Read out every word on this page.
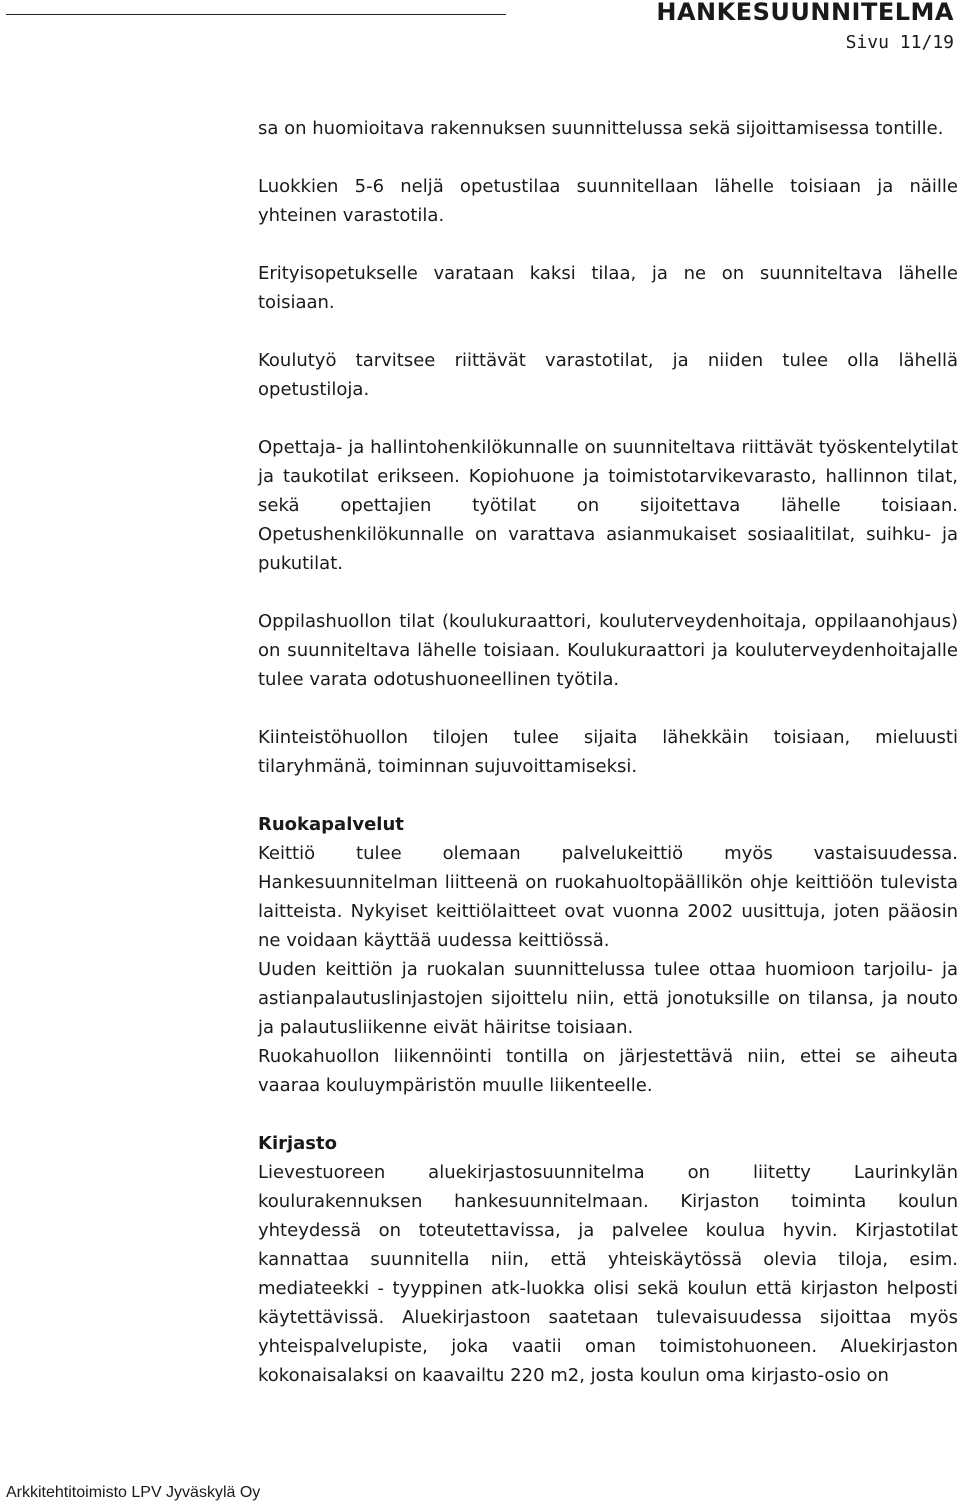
HANKESUUNNITELMA
Sivu 11/19

sa on huomioitava rakennuksen suunnittelussa sekä sijoittamisessa tontille.

Luokkien 5-6 neljä opetustilaa suunnitellaan lähelle toisiaan ja näille yhteinen varastotila.

Erityisopetukselle varataan kaksi tilaa, ja ne on suunniteltava lähelle toisiaan.

Koulutyö tarvitsee riittävät varastotilat, ja niiden tulee olla lähellä opetustiloja.

Opettaja- ja hallintohenkilökunnalle on suunniteltava riittävät työskentelytilat ja taukotilat erikseen. Kopiohuone ja toimistotarvikevarasto, hallinnon tilat, sekä opettajien työtilat on sijoitettava lähelle toisiaan. Opetushenkilökunnalle on varattava asianmukaiset sosiaalitilat, suihku- ja pukutilat.

Oppilashuollon tilat (koulukuraattori, kouluterveydenhoitaja, oppilaanohjaus) on suunniteltava lähelle toisiaan. Koulukuraattori ja kouluterveydenhoitajalle tulee varata odotushuoneellinen työtila.

Kiinteistöhuollon tilojen tulee sijaita lähekkäin toisiaan, mieluusti tilaryhmänä, toiminnan sujuvoittamiseksi.

Ruokapalvelut

Keittiö tulee olemaan palvelukeittiö myös vastaisuudessa. Hankesuunnitelman liitteenä on ruokahuoltopäällikön ohje keittiöön tulevista laitteista. Nykyiset keittiölaitteet ovat vuonna 2002 uusittuja, joten pääosin ne voidaan käyttää uudessa keittiössä.

Uuden keittiön ja ruokalan suunnittelussa tulee ottaa huomioon tarjoilu- ja astianpalautuslinjastojen sijoittelu niin, että jonotuksille on tilansa, ja nouto ja palautusliikenne eivät häiritse toisiaan.

Ruokahuollon liikennöinti tontilla on järjestettävä niin, ettei se aiheuta vaaraa kouluympäristön muulle liikenteelle.

Kirjasto

Lievestuoreen aluekirjastosuunnitelma on liitetty Laurinkylän koulurakennuksen hankesuunnitelmaan. Kirjaston toiminta koulun yhteydessä on toteutettavissa, ja palvelee koulua hyvin. Kirjastotilat kannattaa suunnitella niin, että yhteiskäytössä olevia tiloja, esim. mediateekki - tyyppinen atk-luokka olisi sekä koulun että kirjaston helposti käytettävissä. Aluekirjastoon saatetaan tulevaisuudessa sijoittaa myös yhteispalvelupiste, joka vaatii oman toimistohuoneen. Aluekirjaston kokonaisalaksi on kaavailtu 220 m2, josta koulun oma kirjasto-osio on

Arkkitehtitoimisto LPV Jyväskylä Oy
